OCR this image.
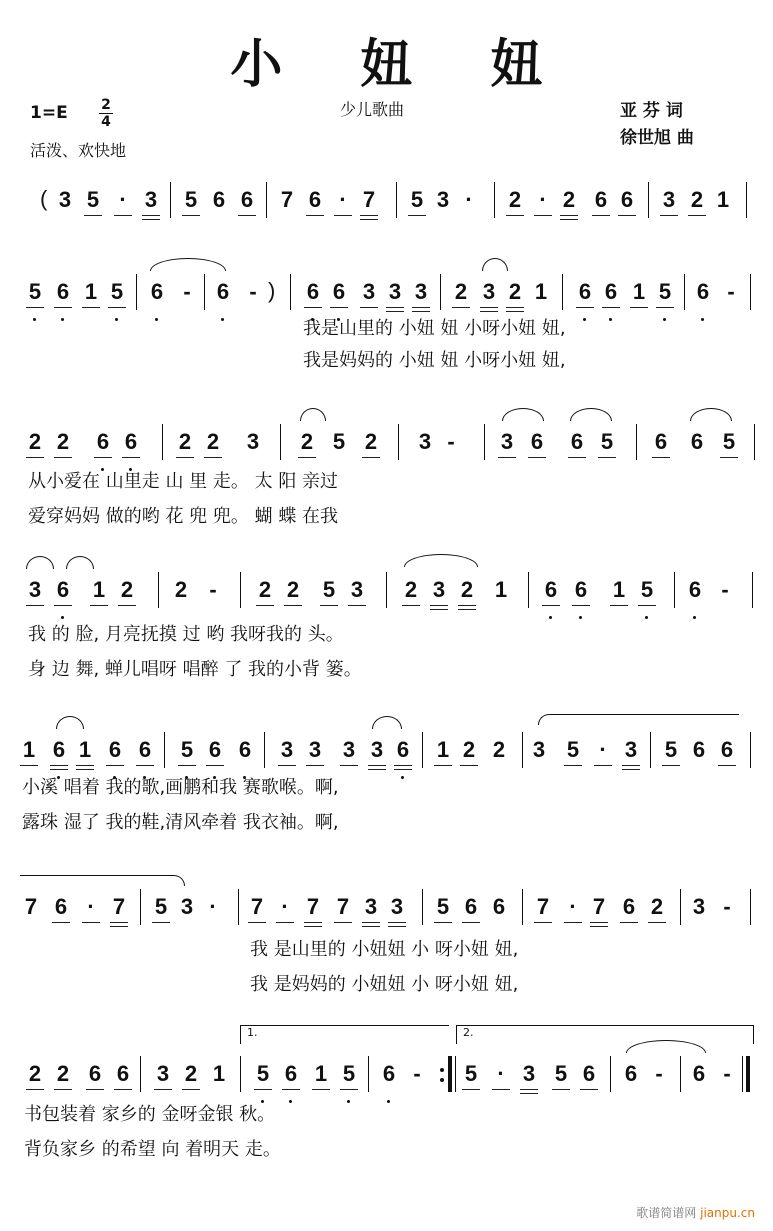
小 妞 妞
1=E 2
4
少儿歌曲	亚 芬 词
徐世旭 曲
活泼、欢快地
( 3 5 · 3 5 6 6 7 6 · 7 5 3 · 2 · 2 6 6 3 2 1
5 6 1 5 6 - 6 - ) 6 6 3 3 3 2 3 2 1 6 6 1 5 6 -
我是山里的 小妞 妞 小呀小妞 妞,
我是妈妈的 小妞 妞 小呀小妞 妞,
2 2 6 6 2 2 3 2 5 2 3 - 3 6 6 5 6 6 5
从小爱在 山里走 山 里 走。 太 阳 亲过
爱穿妈妈 做的哟 花 兜 兜。 蝴 蝶 在我
3 6 1 2 2 - 2 2 5 3 2 3 2 1 6 6 1 5 6 -
我 的 脸, 月亮抚摸 过 哟 我呀我的 头。
身 边 舞, 蝉儿唱呀 唱醉 了 我的小背 篓。
1 6 1 6 6 5 6 6 3 3 3 3 6 1 2 2 3 5 · 3 5 6 6
小溪 唱着 我的歌,画鹏和我 赛歌喉。啊,
露珠 湿了 我的鞋,清风牵着 我衣袖。啊,
7 6 · 7 5 3 · 7 · 7 7 3 3 5 6 6 7 · 7 6 2 3 -
我 是山里的 小妞妞 小 呀小妞 妞,
我 是妈妈的 小妞妞 小 呀小妞 妞,
1.	2.
2 2 6 6 3 2 1 5 6 1 5 6 - 5 · 3 5 6 6 - 6 -
书包装着 家乡的 金呀金银 秋。
背负家乡 的希望 向 着明天 走。
歌谱简谱网 jianpu.cn
